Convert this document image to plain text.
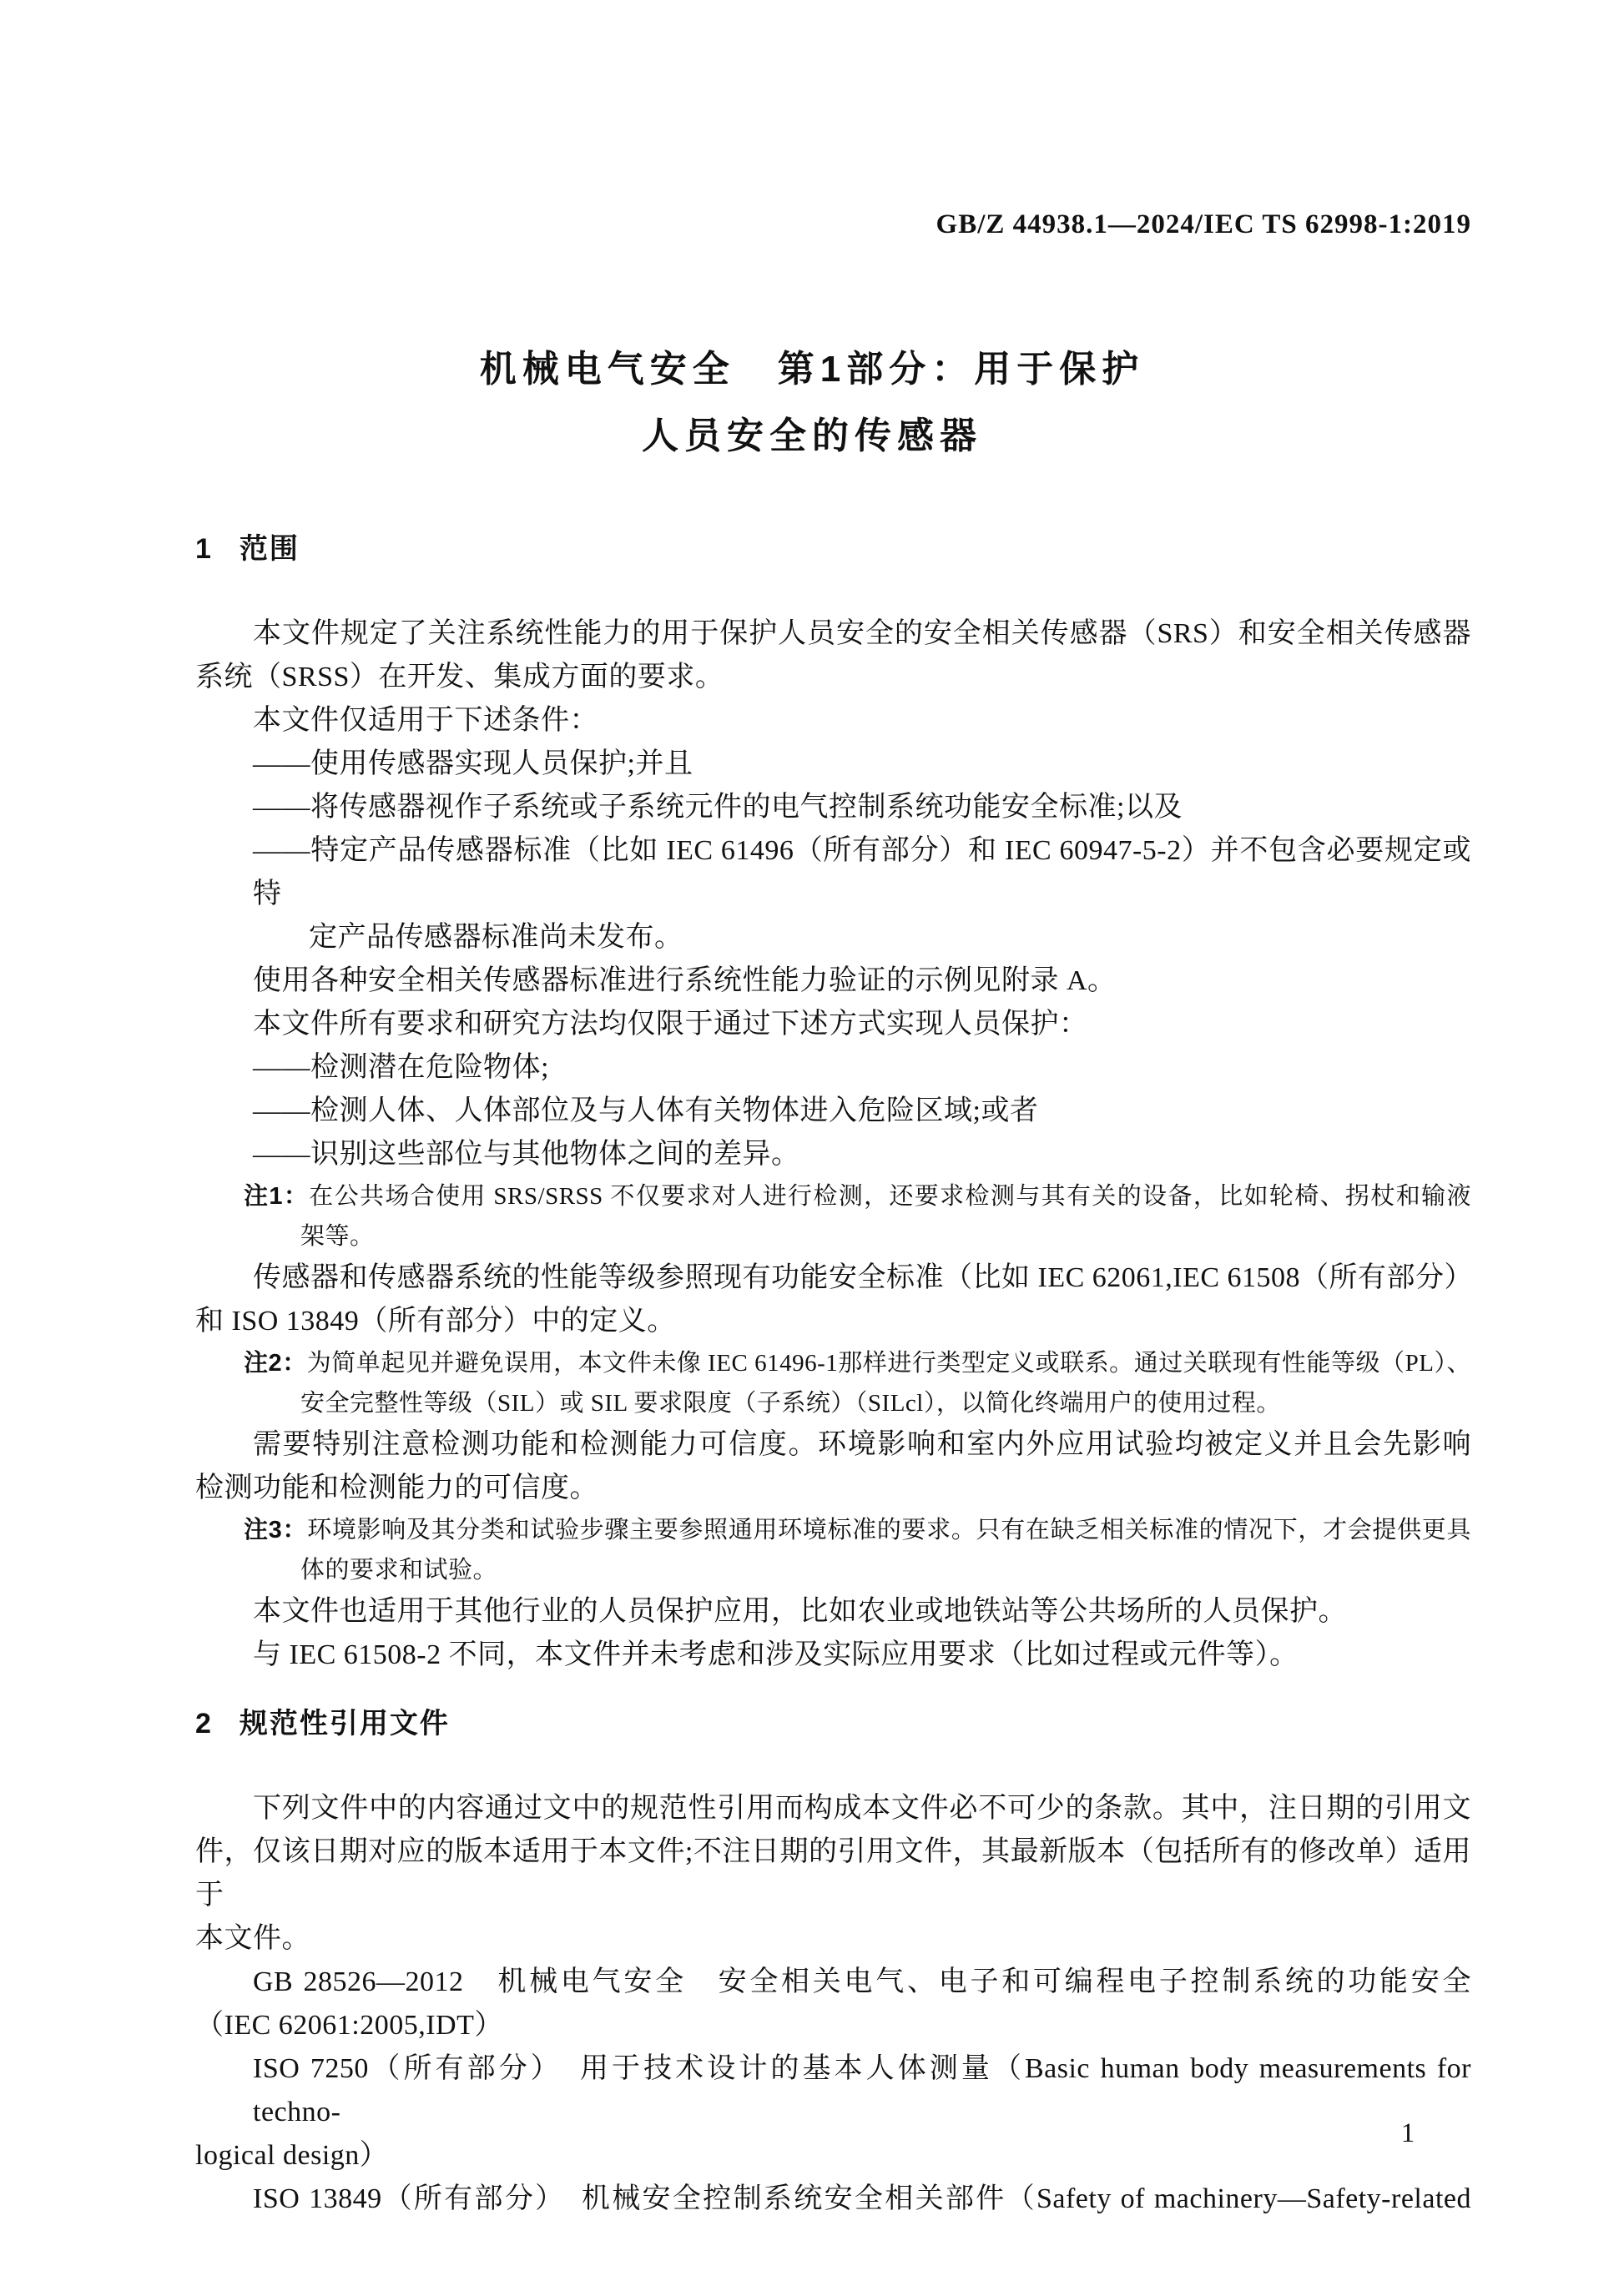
GB/Z 44938.1—2024/IEC TS 62998-1:2019
机械电气安全　第1部分：用于保护
人员安全的传感器
1 范围
本文件规定了关注系统性能力的用于保护人员安全的安全相关传感器（SRS）和安全相关传感器
系统（SRSS）在开发、集成方面的要求。
本文件仅适用于下述条件：
——使用传感器实现人员保护;并且
——将传感器视作子系统或子系统元件的电气控制系统功能安全标准;以及
——特定产品传感器标准（比如 IEC 61496（所有部分）和 IEC 60947-5-2）并不包含必要规定或特
定产品传感器标准尚未发布。
使用各种安全相关传感器标准进行系统性能力验证的示例见附录 A。
本文件所有要求和研究方法均仅限于通过下述方式实现人员保护：
——检测潜在危险物体;
——检测人体、人体部位及与人体有关物体进入危险区域;或者
——识别这些部位与其他物体之间的差异。
注1：在公共场合使用 SRS/SRSS 不仅要求对人进行检测，还要求检测与其有关的设备，比如轮椅、拐杖和输液
架等。
传感器和传感器系统的性能等级参照现有功能安全标准（比如 IEC 62061,IEC 61508（所有部分）
和 ISO 13849（所有部分）中的定义。
注2：为简单起见并避免误用，本文件未像 IEC 61496-1那样进行类型定义或联系。通过关联现有性能等级（PL）、
安全完整性等级（SIL）或 SIL 要求限度（子系统）（SILcl），以简化终端用户的使用过程。
需要特别注意检测功能和检测能力可信度。环境影响和室内外应用试验均被定义并且会先影响
检测功能和检测能力的可信度。
注3：环境影响及其分类和试验步骤主要参照通用环境标准的要求。只有在缺乏相关标准的情况下，才会提供更具
体的要求和试验。
本文件也适用于其他行业的人员保护应用，比如农业或地铁站等公共场所的人员保护。
与 IEC 61508-2 不同，本文件并未考虑和涉及实际应用要求（比如过程或元件等）。
2 规范性引用文件
下列文件中的内容通过文中的规范性引用而构成本文件必不可少的条款。其中，注日期的引用文
件，仅该日期对应的版本适用于本文件;不注日期的引用文件，其最新版本（包括所有的修改单）适用于
本文件。
GB 28526—2012　机械电气安全　安全相关电气、电子和可编程电子控制系统的功能安全
（IEC 62061:2005,IDT）
ISO 7250（所有部分）　用于技术设计的基本人体测量（Basic human body measurements for techno-
logical design）
ISO 13849（所有部分）　机械安全控制系统安全相关部件（Safety of machinery—Safety-related
1
